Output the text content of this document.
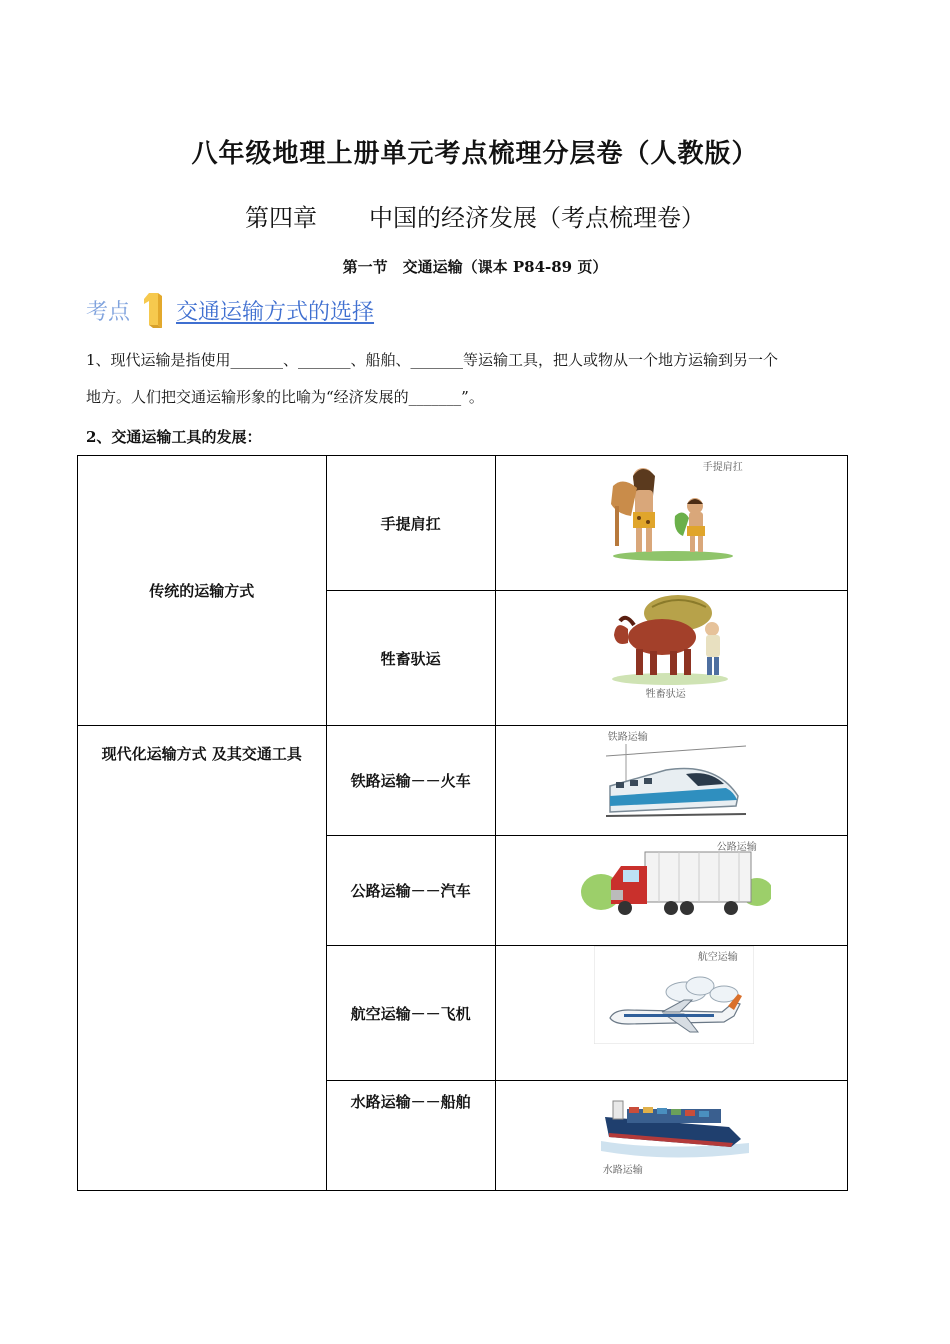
八年级地理上册单元考点梳理分层卷（人教版）
第四章 中国的经济发展（考点梳理卷）
第一节　交通运输（课本 P84-89 页）
考点
1
交通运输方式的选择
1、现代运输是指使用_______、_______、船舶、_______等运输工具，把人或物从一个地方运输到另一个
地方。人们把交通运输形象的比喻为“经济发展的_______”。
2、交通运输工具的发展：
传统的运输方式	手提肩扛	手提肩扛

	牲畜驮运	牲畜驮运

现代化运输方式 及其交通工具	铁路运输－－火车	铁路运输

	公路运输－－汽车	公路运输

	航空运输－－飞机	航空运输

	水路运输－－船舶	水路运输
